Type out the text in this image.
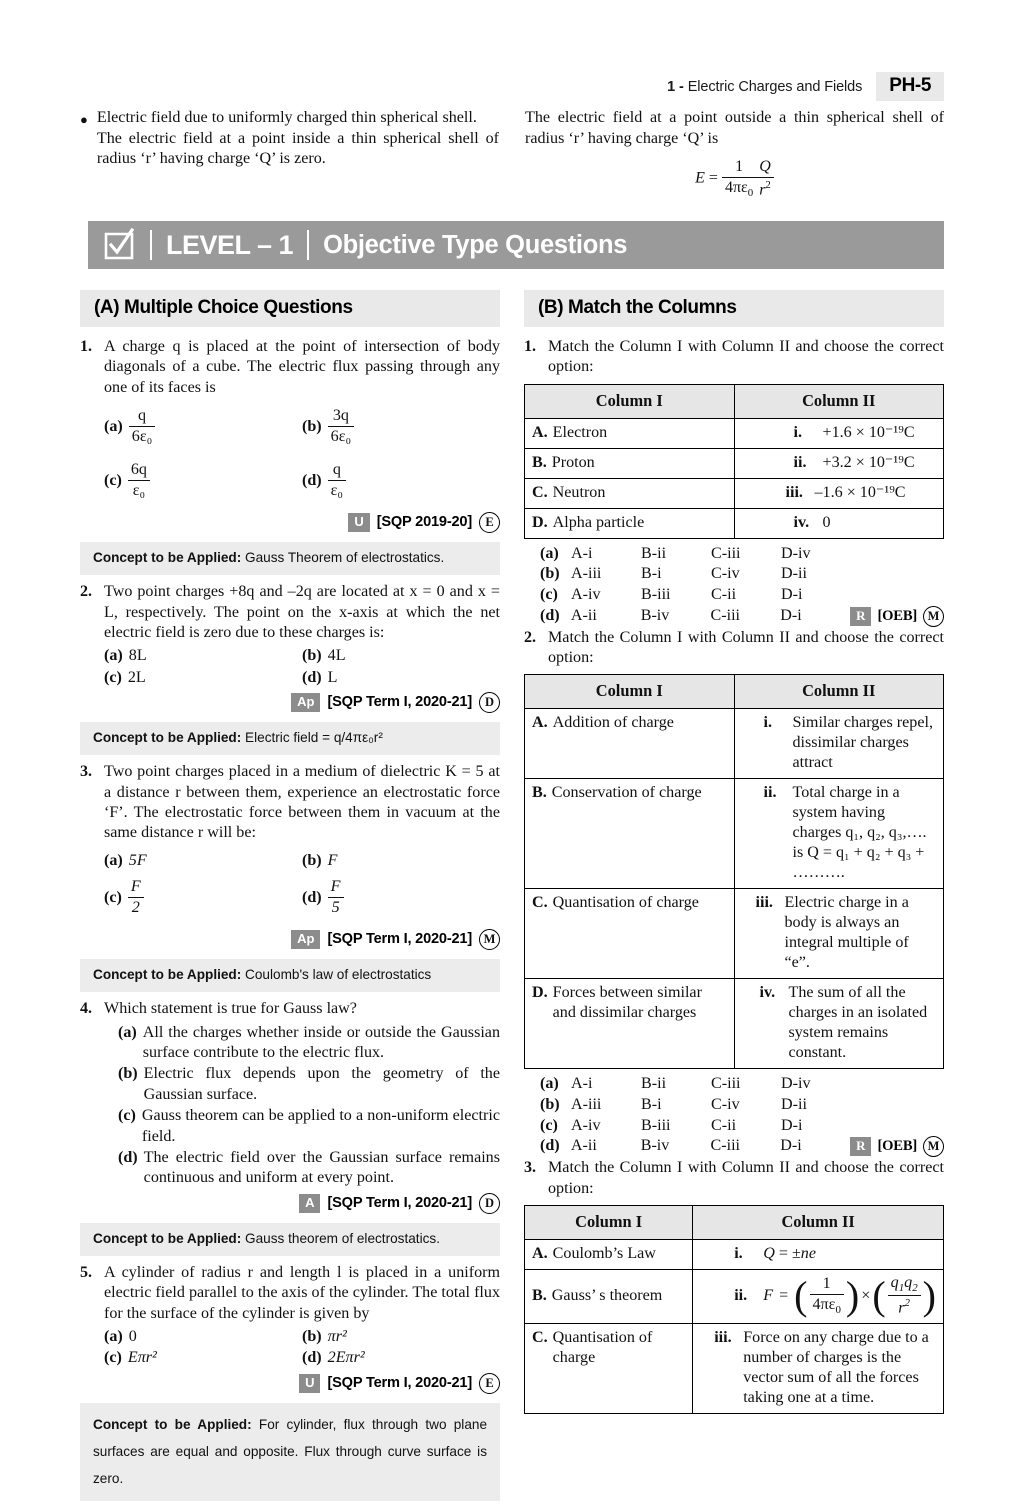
1 - Electric Charges and Fields	PH-5
● Electric field due to uniformly charged thin spherical shell.

The electric field at a point inside a thin spherical shell of radius ‘r’ having charge ‘Q’ is zero.

The electric field at a point outside a thin spherical shell of radius ‘r’ having charge ‘Q’ is

$E = \frac{1}{4\pi\varepsilon_0} \frac{Q}{r^2}$
LEVEL – 1 Objective Type Questions
(A) Multiple Choice Questions
1. A charge q is placed at the point of intersection of body diagonals of a cube. The electric flux passing through any one of its faces is

$(a) \frac{q}{\text{6ε₀}}$	$(b) \frac{3q}{\text{6ε₀}}$
$(c) \frac{6q}{\text{ε₀}}$	$(d) \frac{q}{\text{ε₀}}$
U [SQP 2019-20]	E
Concept to be Applied: Gauss Theorem of electrostatics.
2. Two point charges +8q and –2q are located at x = 0 and x = L, respectively. The point on the x-axis at which the net electric field is zero due to these charges is:

(a) 8L	(b) 4L
(c) 2L	(d) L
Ap [SQP Term I, 2020-21]	D
Concept to be Applied: Electric field = q/4πε₀r²
3. Two point charges placed in a medium of dielectric K = 5 at a distance r between them, experience an electrostatic force ‘F’. The electrostatic force between them in vacuum at the same distance r will be:

(a) 5F	(b) F
$(c) \frac{F}{2}$	$(d) \frac{F}{5}$
Ap [SQP Term I, 2020-21] M
Concept to be Applied: Coulomb's law of electrostatics
4. Which statement is true for Gauss law?

(a) All the charges whether inside or outside the Gaussian surface contribute to the electric flux.
(b) Electric flux depends upon the geometry of the Gaussian surface.
(c) Gauss theorem can be applied to a non-uniform electric field.
(d) The electric field over the Gaussian surface remains continuous and uniform at every point.
A [SQP Term I, 2020-21]	D
Concept to be Applied: Gauss theorem of electrostatics.
5. A cylinder of radius r and length l is placed in a uniform electric field parallel to the axis of the cylinder. The total flux for the surface of the cylinder is given by

(a) 0	(b) πr²
(c) Eπr²	(d) 2Eπr²
U [SQP Term I, 2020-21]	E
Concept to be Applied: For cylinder, flux through two plane surfaces are equal and opposite. Flux through curve surface is zero.
(B) Match the Columns
1. Match the Column I with Column II and choose the correct option:

Column I	Column II

A. Electron	i. +1.6 × 10⁻¹⁹C

B. Proton	ii. +3.2 × 10⁻¹⁹C

C. Neutron	iii. –1.6 × 10⁻¹⁹C

D. Alpha particle	iv. 0
(a) A-i	B-ii	C-iii	D-iv
(b) A-iii	B-i	C-iv	D-ii
(c) A-iv	B-iii	C-ii	D-i
(d) A-ii	B-iv	C-iii	D-i	R [OEB] M
2. Match the Column I with Column II and choose the correct option:

Column I	Column II

A. Addition of charge	i. Similar charges repel, dissimilar charges attract

B. Conservation of charge	ii. Total charge in a system having charges q₁, q₂, q₃,…. is Q = q₁ + q₂ + q₃ + ……….

C. Quantisation of charge	iii. Electric charge in a body is always an integral multiple of “e”.

D. Forces between similar and dissimilar charges	iv. The sum of all the charges in an isolated system remains constant.
(a) A-i	B-ii	C-iii	D-iv
(b) A-iii	B-i	C-iv	D-ii
(c) A-iv	B-iii	C-ii	D-i
(d) A-ii	B-iv	C-iii	D-i	R [OEB] M
3. Match the Column I with Column II and choose the correct option:

Column I	Column II

A. Coulomb’s Law	i. Q = ±ne

B. Gauss’ s theorem	ii. F = ( $\frac{1}{4\pi\varepsilon_0}$ ) × ( $\frac{q_1q_2}{r^2}$ )

C. Quantisation of charge	iii. Force on any charge due to a number of charges is the vector sum of all the forces taking one at a time.
